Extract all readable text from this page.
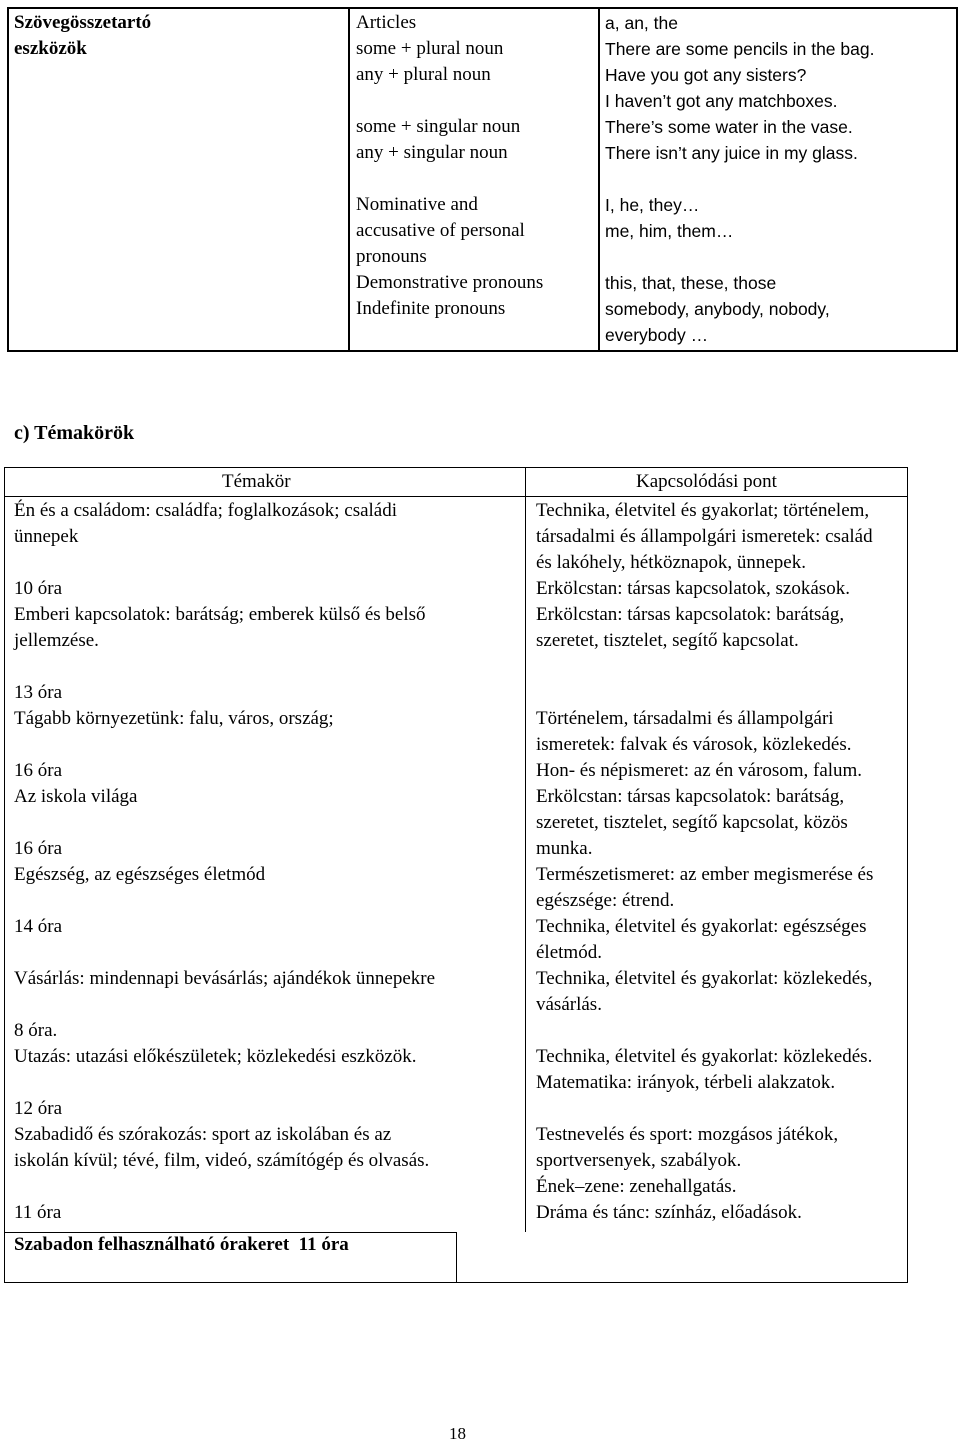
Szövegösszetartó
eszközök
Articles
some + plural noun
any + plural noun

some + singular noun
any + singular noun

Nominative and
accusative of personal
pronouns
Demonstrative pronouns
Indefinite pronouns
a, an, the
There are some pencils in the bag.
Have you got any sisters?
I haven’t got any matchboxes.
There’s some water in the vase.
There isn’t any juice in my glass.

I, he, they…
me, him, them…

this, that, these, those
somebody, anybody, nobody,
everybody …
c) Témakörök
Témakör	Kapcsolódási pont
Én és a családom: családfa; foglalkozások; családi
ünnepek

10 óra
Emberi kapcsolatok: barátság; emberek külső és belső
jellemzése.

13 óra
Tágabb környezetünk: falu, város, ország;

16 óra
Az iskola világa

16 óra
Egészség, az egészséges életmód

14 óra

Vásárlás: mindennapi bevásárlás; ajándékok ünnepekre

8 óra.
Utazás: utazási előkészületek; közlekedési eszközök.

12 óra
Szabadidő és szórakozás: sport az iskolában és az
iskolán kívül; tévé, film, videó, számítógép és olvasás.

11 óra
Technika, életvitel és gyakorlat; történelem,
társadalmi és állampolgári ismeretek: család
és lakóhely, hétköznapok, ünnepek.
Erkölcstan: társas kapcsolatok, szokások.
Erkölcstan: társas kapcsolatok: barátság,
szeretet, tisztelet, segítő kapcsolat.

Történelem, társadalmi és állampolgári
ismeretek: falvak és városok, közlekedés.
Hon- és népismeret: az én városom, falum.
Erkölcstan: társas kapcsolatok: barátság,
szeretet, tisztelet, segítő kapcsolat, közös
munka.
Természetismeret: az ember megismerése és
egészsége: étrend.
Technika, életvitel és gyakorlat: egészséges
életmód.
Technika, életvitel és gyakorlat: közlekedés,
vásárlás.

Technika, életvitel és gyakorlat: közlekedés.
Matematika: irányok, térbeli alakzatok.

Testnevelés és sport: mozgásos játékok,
sportversenyek, szabályok.
Ének–zene: zenehallgatás.
Dráma és tánc: színház, előadások.
Szabadon felhasználható órakeret  11 óra
18
